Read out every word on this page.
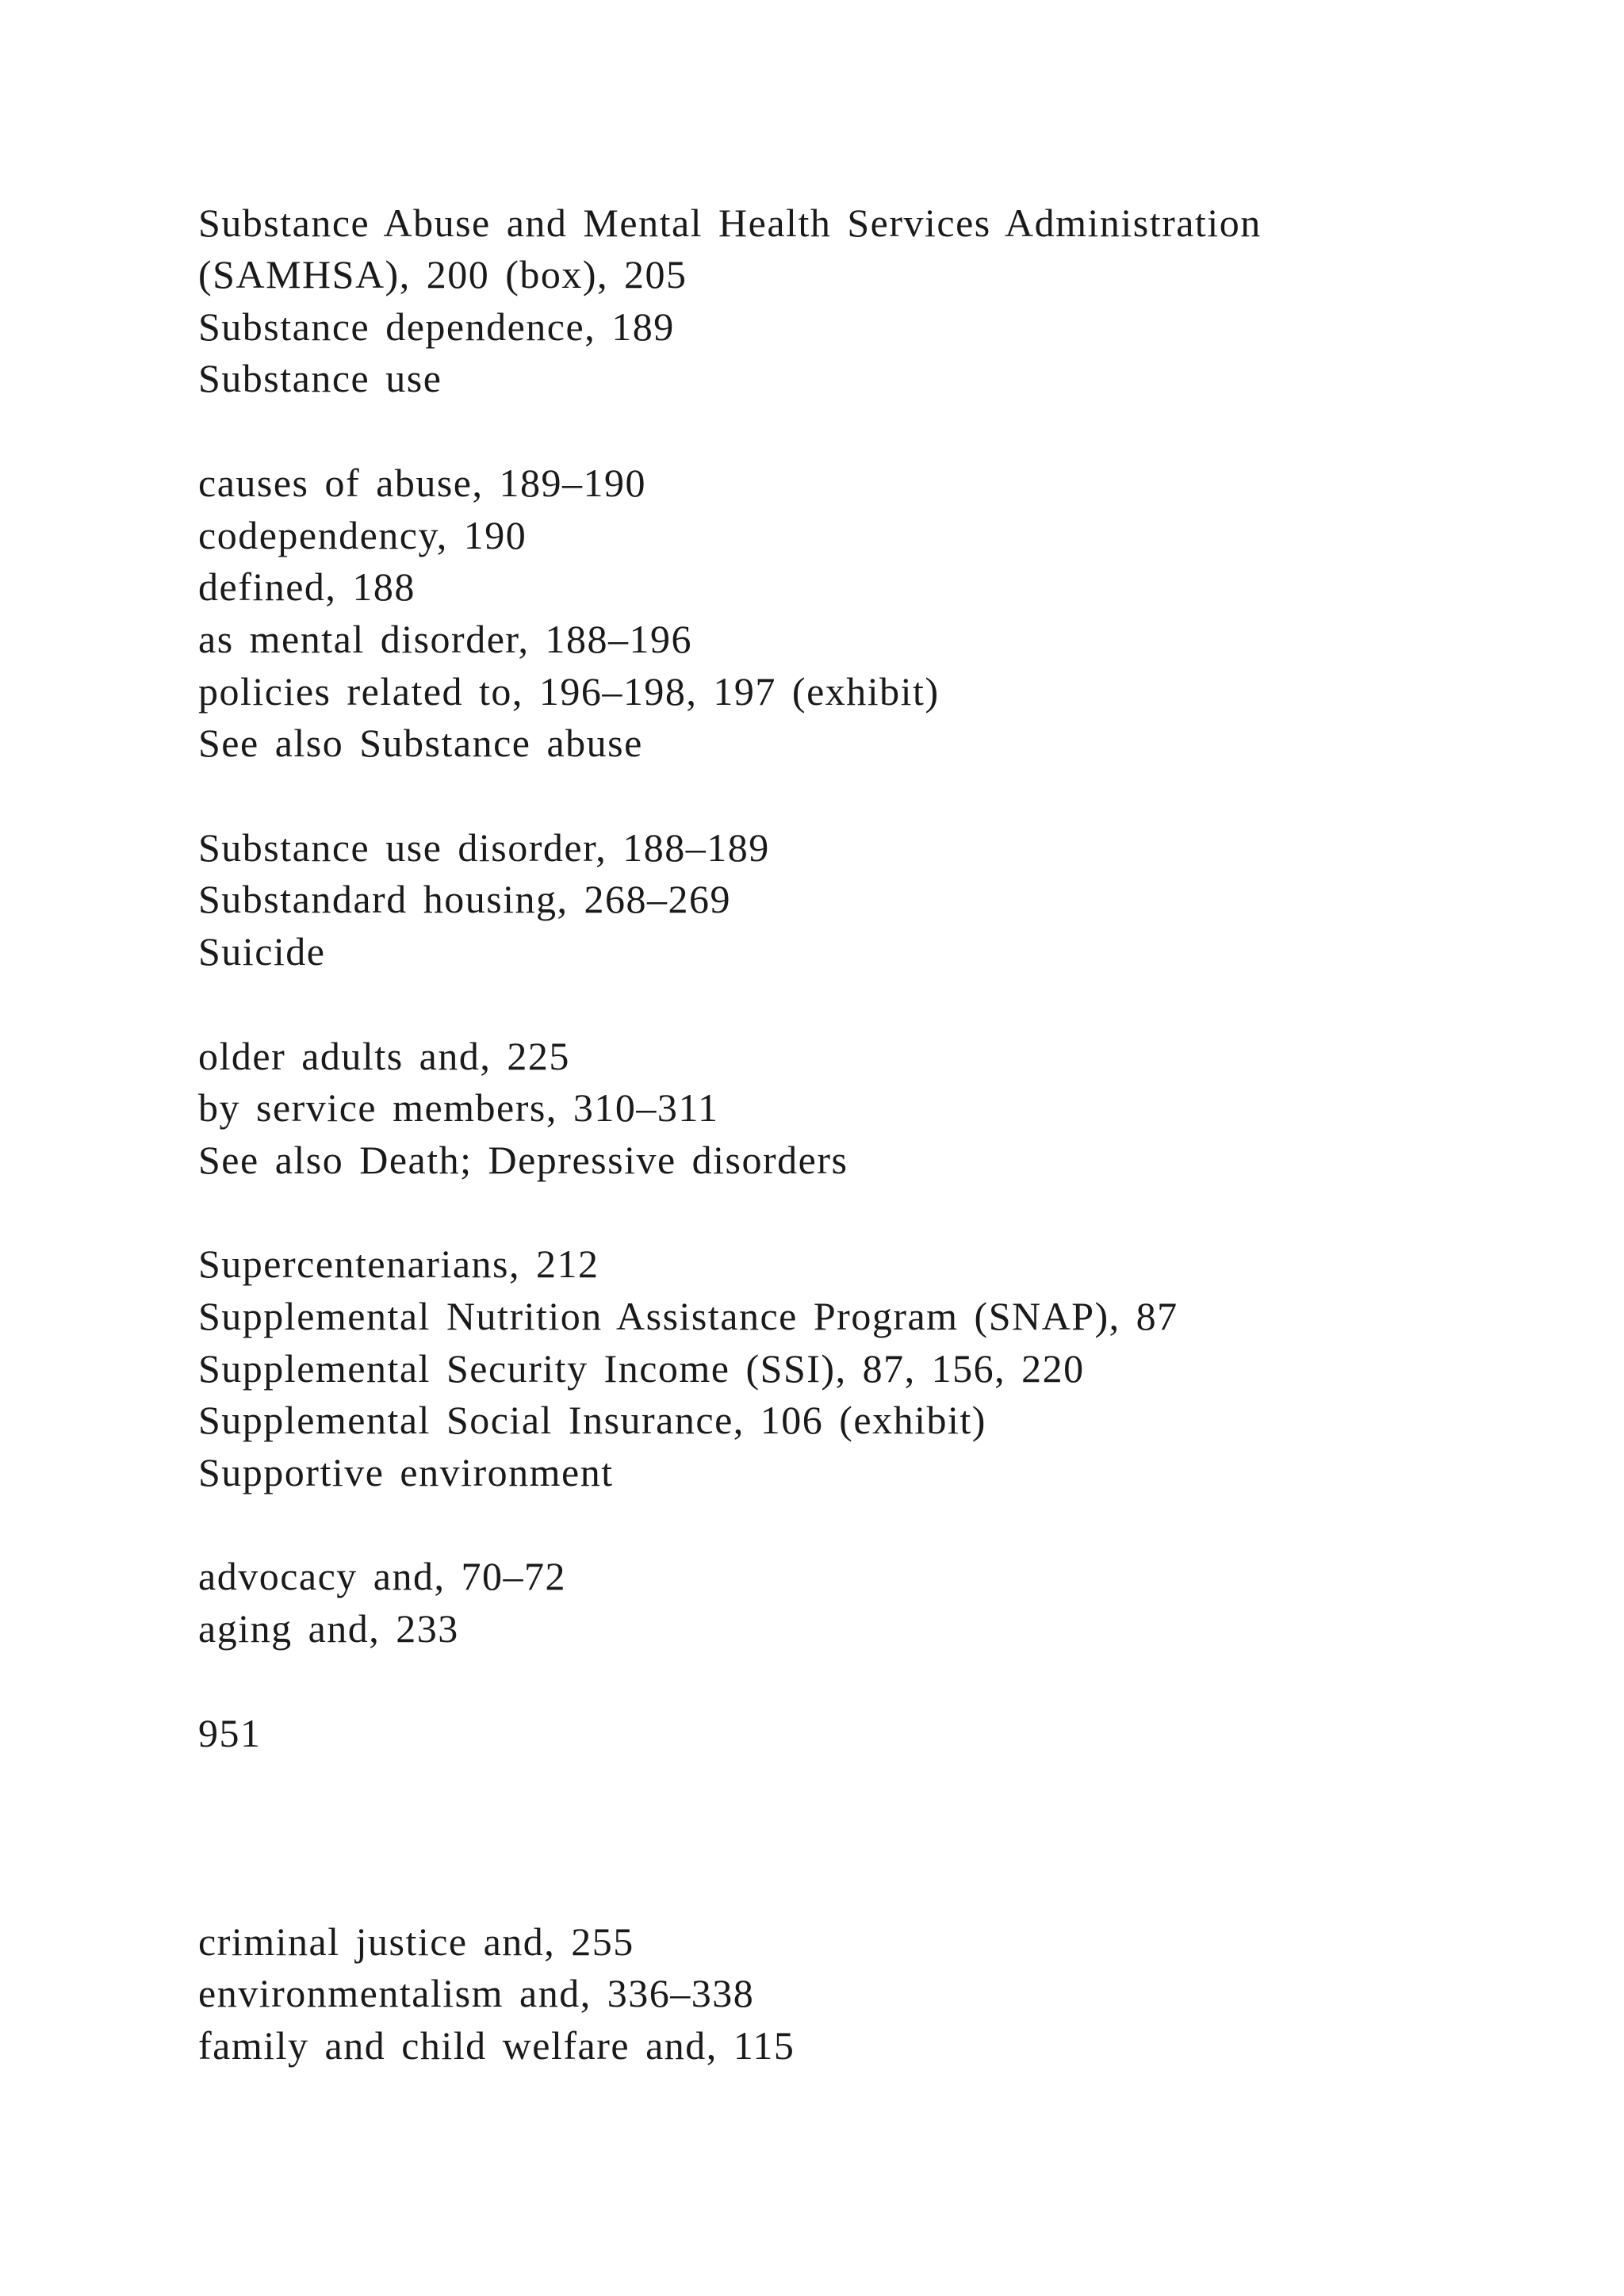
Substance Abuse and Mental Health Services Administration

(SAMHSA), 200 (box), 205

Substance dependence, 189

Substance use

causes of abuse, 189–190

codependency, 190

defined, 188

as mental disorder, 188–196

policies related to, 196–198, 197 (exhibit)

See also Substance abuse

Substance use disorder, 188–189

Substandard housing, 268–269

Suicide

older adults and, 225

by service members, 310–311

See also Death; Depressive disorders

Supercentenarians, 212

Supplemental Nutrition Assistance Program (SNAP), 87

Supplemental Security Income (SSI), 87, 156, 220

Supplemental Social Insurance, 106 (exhibit)

Supportive environment

advocacy and, 70–72

aging and, 233

951

criminal justice and, 255

environmentalism and, 336–338

family and child welfare and, 115
